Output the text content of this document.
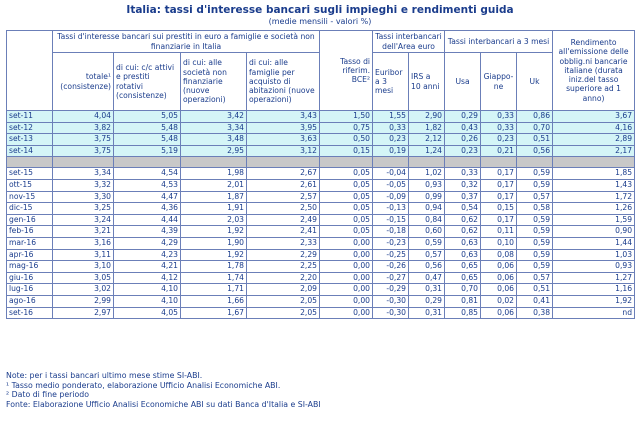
Italia: tassi d'interesse bancari sugli impieghi e rendimenti guida
(medie mensili - valori %)
	Tassi d'interesse bancari sui prestiti in euro a famiglie e società non finanziarie in Italia				Tasso di riferim. BCE²	Tassi interbancari dell'Area euro		Tassi interbancari a 3 mesi			Rendimento all'emissione delle obblig.ni bancarie italiane (durata iniz.del tasso superiore ad 1 anno)
	totale¹ (consistenze)	di cui: c/c attivi e prestiti rotativi (consistenze)	di cui: alle società non finanziarie (nuove operazioni)	di cui: alle famiglie per acquisto di abitazioni (nuove operazioni)		Euribor a 3 mesi	IRS a 10 anni	Usa	Giappo-ne	Uk	
set-11	4,04	5,05	3,42	3,43	1,50	1,55	2,90	0,29	0,33	0,86	3,67
set-12	3,82	5,48	3,34	3,95	0,75	0,33	1,82	0,43	0,33	0,70	4,16
set-13	3,75	5,48	3,48	3,63	0,50	0,23	2,12	0,26	0,23	0,51	2,89
set-14	3,75	5,19	2,95	3,12	0,15	0,19	1,24	0,23	0,21	0,56	2,17

set-15	3,34	4,54	1,98	2,67	0,05	-0,04	1,02	0,33	0,17	0,59	1,85
ott-15	3,32	4,53	2,01	2,61	0,05	-0,05	0,93	0,32	0,17	0,59	1,43
nov-15	3,30	4,47	1,87	2,57	0,05	-0,09	0,99	0,37	0,17	0,57	1,72
dic-15	3,25	4,36	1,91	2,50	0,05	-0,13	0,94	0,54	0,15	0,58	1,26
gen-16	3,24	4,44	2,03	2,49	0,05	-0,15	0,84	0,62	0,17	0,59	1,59
feb-16	3,21	4,39	1,92	2,41	0,05	-0,18	0,60	0,62	0,11	0,59	0,90
mar-16	3,16	4,29	1,90	2,33	0,00	-0,23	0,59	0,63	0,10	0,59	1,44
apr-16	3,11	4,23	1,92	2,29	0,00	-0,25	0,57	0,63	0,08	0,59	1,03
mag-16	3,10	4,21	1,78	2,25	0,00	-0,26	0,56	0,65	0,06	0,59	0,93
giu-16	3,05	4,12	1,74	2,20	0,00	-0,27	0,47	0,65	0,06	0,57	1,27
lug-16	3,02	4,10	1,71	2,09	0,00	-0,29	0,31	0,70	0,06	0,51	1,16
ago-16	2,99	4,10	1,66	2,05	0,00	-0,30	0,29	0,81	0,02	0,41	1,92
set-16	2,97	4,05	1,67	2,05	0,00	-0,30	0,31	0,85	0,06	0,38	nd
Note: per i tassi bancari ultimo mese stime SI-ABI.
¹ Tasso medio ponderato, elaborazione Ufficio Analisi Economiche ABI.
² Dato di fine periodo
Fonte: Elaborazione Ufficio Analisi Economiche ABI su dati Banca d'Italia e SI-ABI
